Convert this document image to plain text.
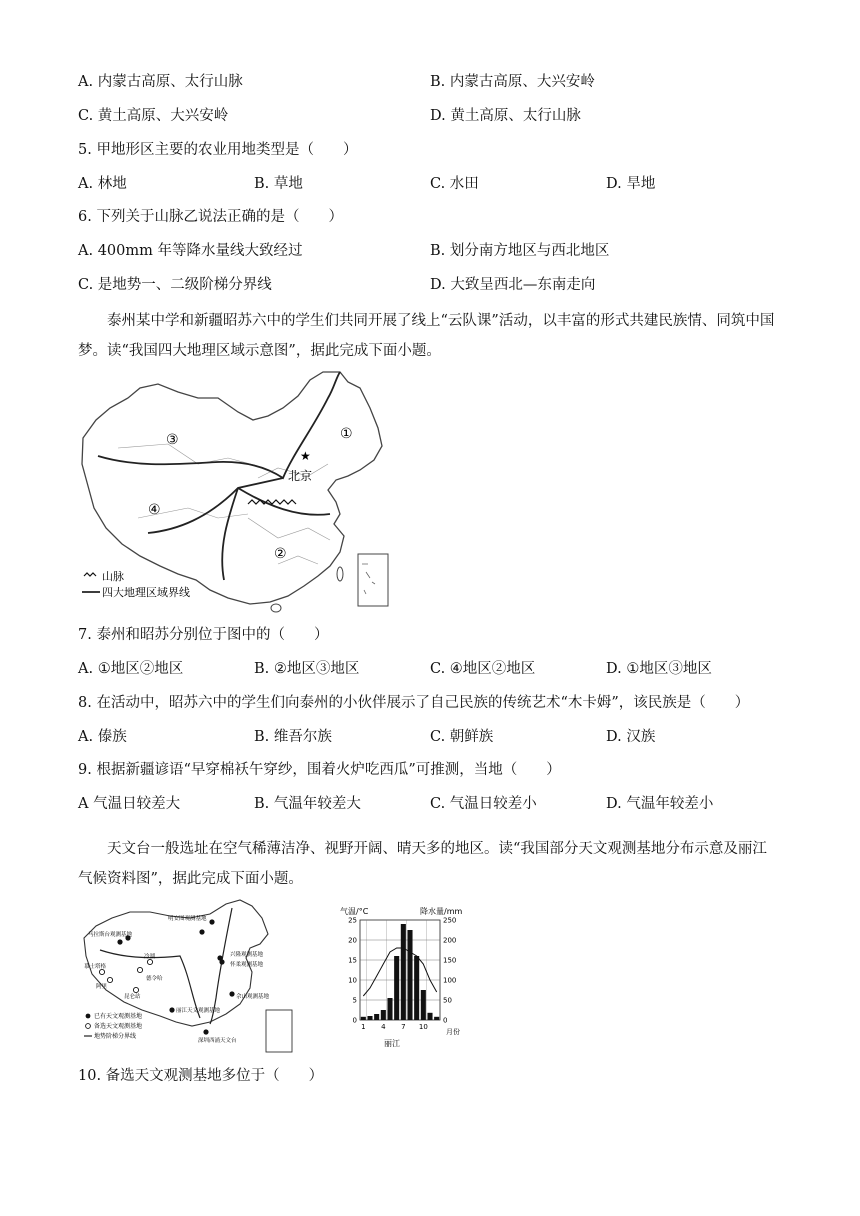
A. 内蒙古高原、太行山脉	B. 内蒙古高原、大兴安岭
C. 黄土高原、大兴安岭	D. 黄土高原、太行山脉
5. 甲地形区主要的农业用地类型是（　　）
A. 林地	B. 草地	C. 水田	D. 旱地
6. 下列关于山脉乙说法正确的是（　　）
A. 400mm 年等降水量线大致经过	B. 划分南方地区与西北地区
C. 是地势一、二级阶梯分界线	D. 大致呈西北—东南走向
泰州某中学和新疆昭苏六中的学生们共同开展了线上“云队课”活动，以丰富的形式共建民族情、同筑中国梦。读“我国四大地理区域示意图”，据此完成下面小题。
★
北京
①
②
③
④
山脉
四大地理区域界线
7. 泰州和昭苏分别位于图中的（　　）
A. ①地区②地区	B. ②地区③地区	C. ④地区②地区	D. ①地区③地区
8. 在活动中，昭苏六中的学生们向泰州的小伙伴展示了自己民族的传统艺术“木卡姆”，该民族是（　　）
A. 傣族	B. 维吾尔族	C. 朝鲜族	D. 汉族
9. 根据新疆谚语“早穿棉袄午穿纱，围着火炉吃西瓜”可推测，当地（　　）
A 气温日较差大	B. 气温年较差大	C. 气温日较差小	D. 气温年较差小
天文台一般选址在空气稀薄洁净、视野开阔、晴天多的地区。读“我国部分天文观测基地分布示意及丽江气候资料图”，据此完成下面小题。
马拉斯台观测基地
慕士塔格
阿里
德令哈
冷湖
昆仑站
明安图观测基地
兴隆观测基地
怀柔观测基地
丽江天文观测基地
深圳西涌天文台
佘山观测基地
已有天文观测基地
备选天文观测基地
地势阶梯分界线
气温/°C	降水量/mm
0
5
10
15
20
25
0
50
100
150
200
250
1 4 7 10
月份
丽江
10. 备选天文观测基地多位于（　　）
